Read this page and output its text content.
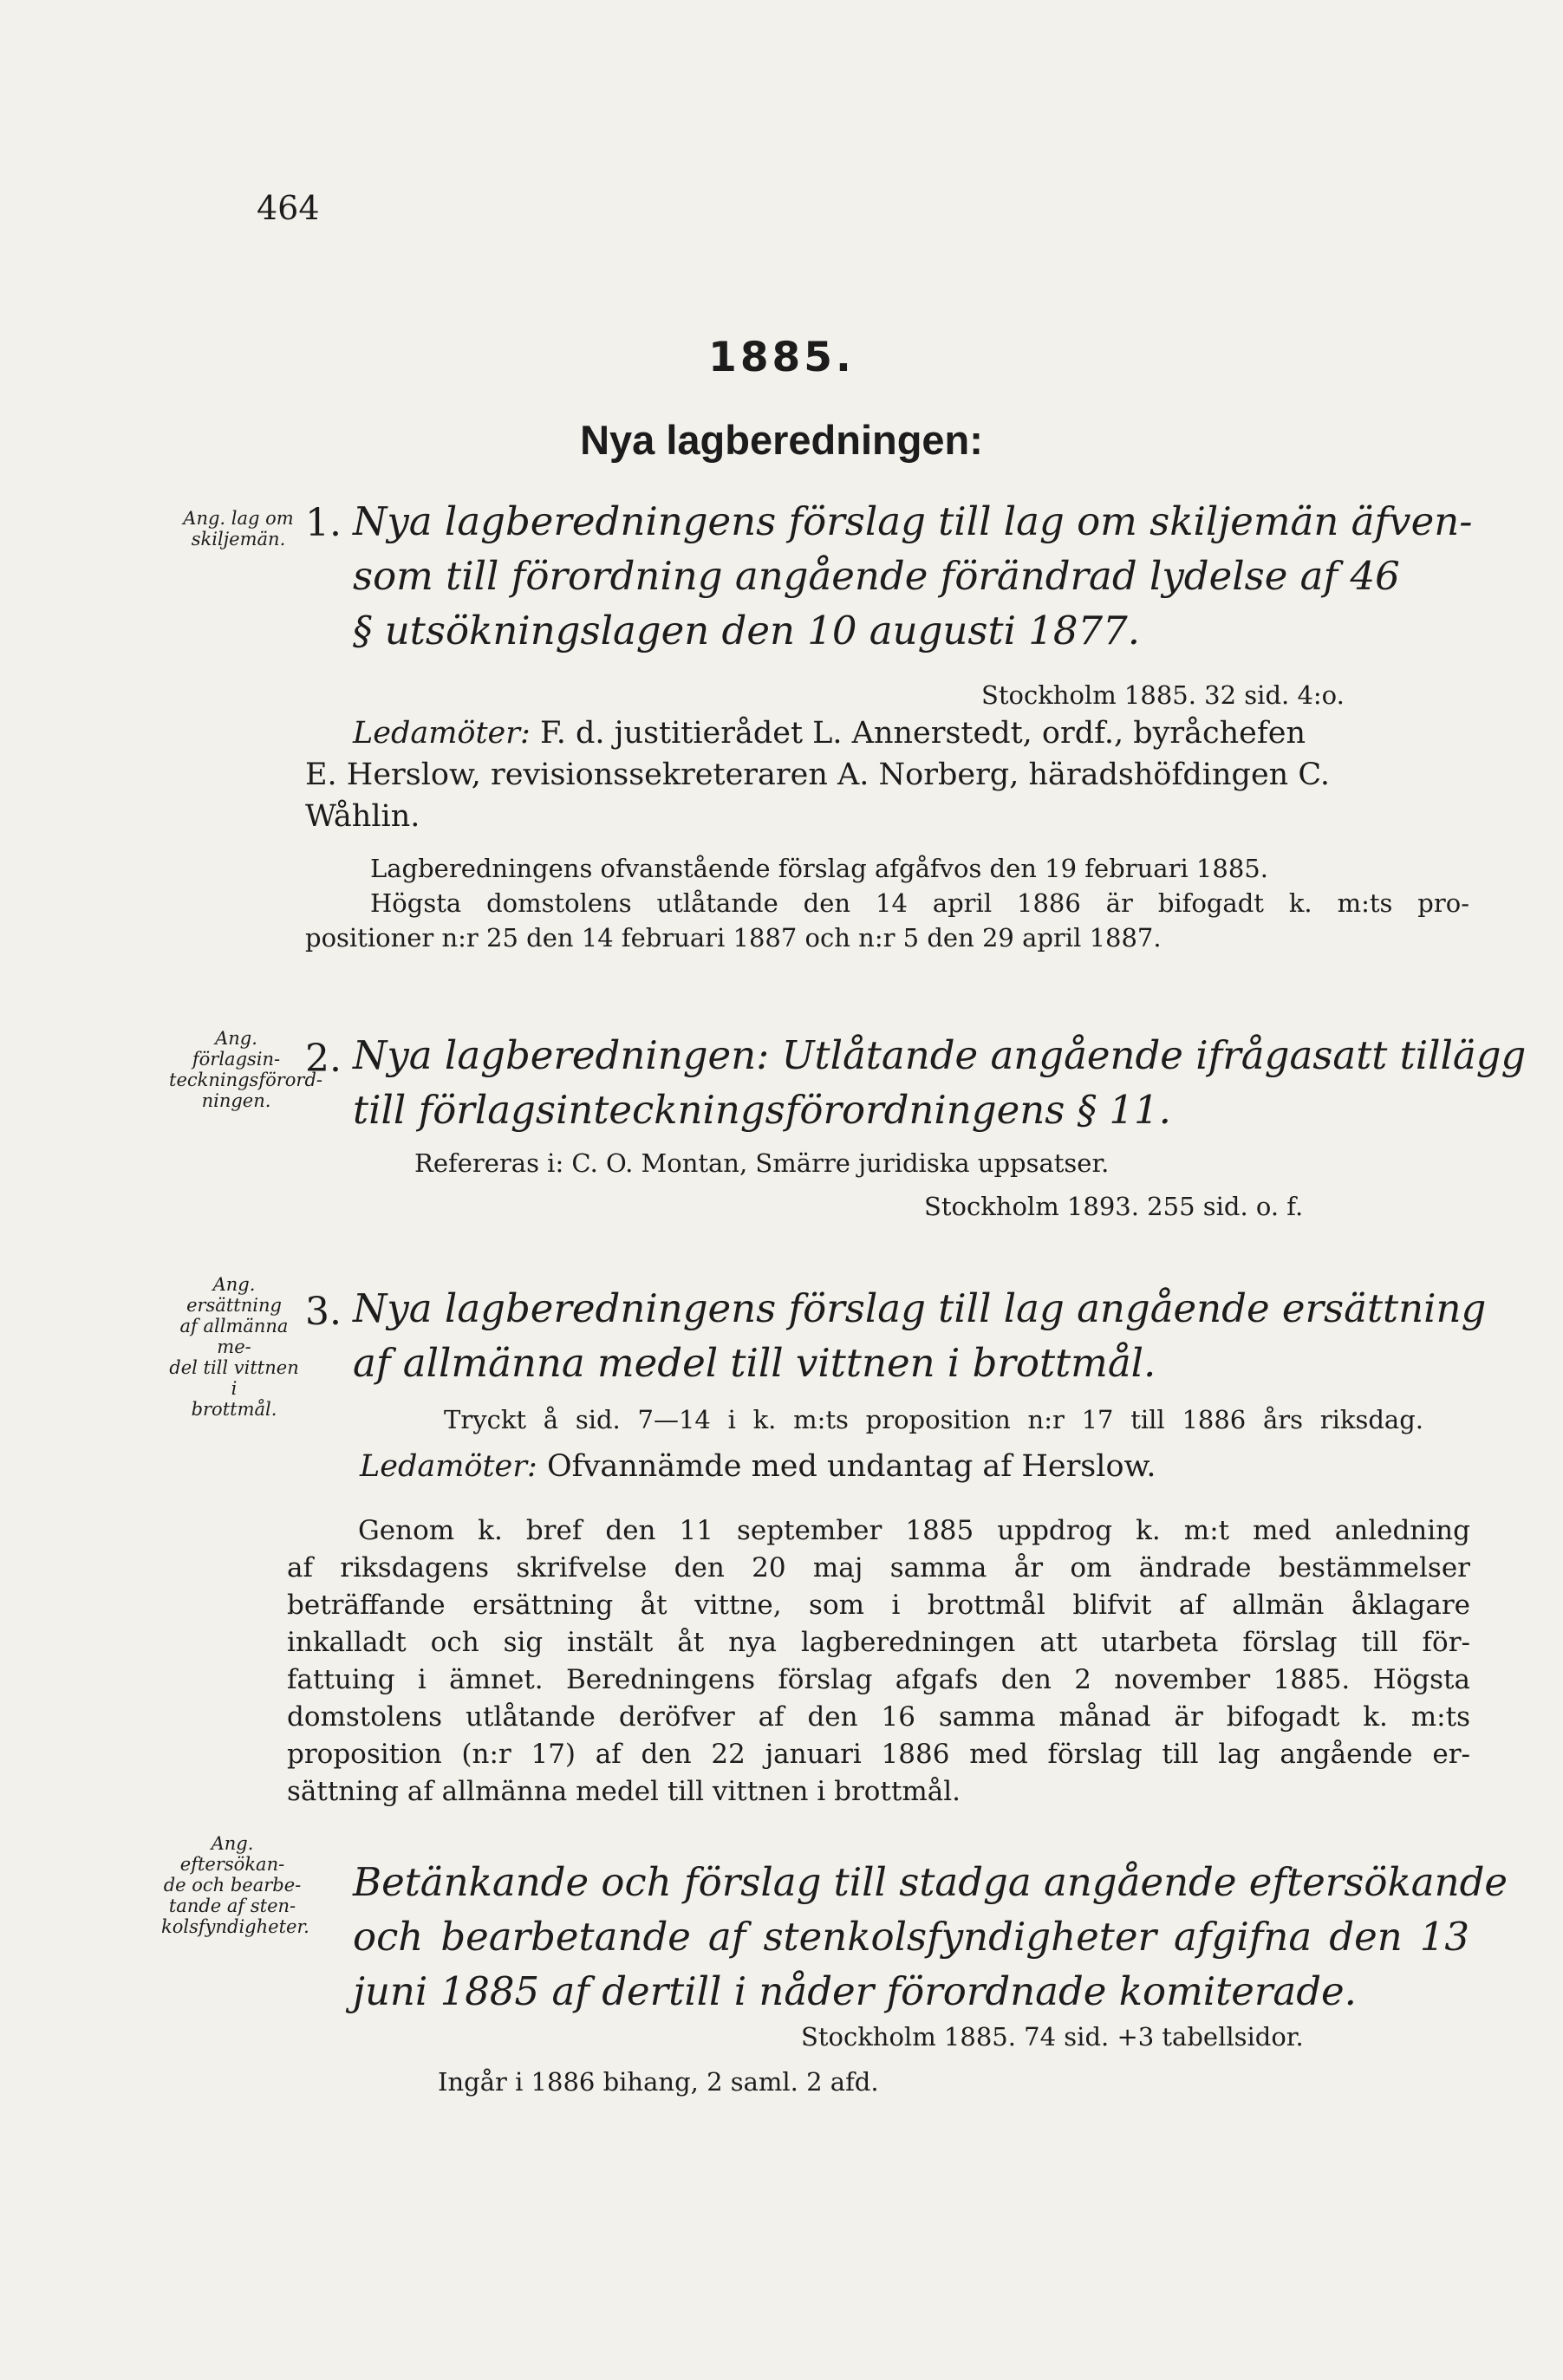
464
1885.
Nya lagberedningen:
Ang. lag om
skiljemän. 1. Nya lagberedningens förslag till lag om skiljemän äfven-
som till förordning angående förändrad lydelse af 46
§ utsökningslagen den 10 augusti 1877.
Stockholm 1885. 32 sid. 4:o.
Ledamöter: F. d. justitierådet L. Annerstedt, ordf., byråchefen
E. Herslow, revisionssekreteraren A. Norberg, häradshöfdingen C.
Wåhlin.
Lagberedningens ofvanstående förslag afgåfvos den 19 februari 1885.
Högsta domstolens utlåtande den 14 april 1886 är bifogadt k. m:ts pro-
positioner n:r 25 den 14 februari 1887 och n:r 5 den 29 april 1887.
Ang. förlagsin-
teckningsförord-
ningen.
2. Nya lagberedningen: Utlåtande angående ifrågasatt tillägg
till förlagsinteckningsförordningens § 11.
Refereras i: C. O. Montan, Smärre juridiska uppsatser.
Stockholm 1893. 255 sid. o. f.
Ang. ersättning
af allmänna me-
del till vittnen i
brottmål.
3. Nya lagberedningens förslag till lag angående ersättning
af allmänna medel till vittnen i brottmål.
Tryckt å sid. 7—14 i k. m:ts proposition n:r 17 till 1886 års riksdag.
Ledamöter: Ofvannämde med undantag af Herslow.
Genom k. bref den 11 september 1885 uppdrog k. m:t med anledning
af riksdagens skrifvelse den 20 maj samma år om ändrade bestämmelser
beträffande ersättning åt vittne, som i brottmål blifvit af allmän åklagare
inkalladt och sig instält åt nya lagberedningen att utarbeta förslag till för-
fattuing i ämnet. Beredningens förslag afgafs den 2 november 1885. Högsta
domstolens utlåtande deröfver af den 16 samma månad är bifogadt k. m:ts
proposition (n:r 17) af den 22 januari 1886 med förslag till lag angående er-
sättning af allmänna medel till vittnen i brottmål.
Ang. eftersökan-
de och bearbe-
tande af sten-
kolsfyndigheter.
Betänkande och förslag till stadga angående eftersökande
och bearbetande af stenkolsfyndigheter afgifna den 13
juni 1885 af dertill i nåder förordnade komiterade.
Stockholm 1885. 74 sid. +3 tabellsidor.
Ingår i 1886 bihang, 2 saml. 2 afd.
